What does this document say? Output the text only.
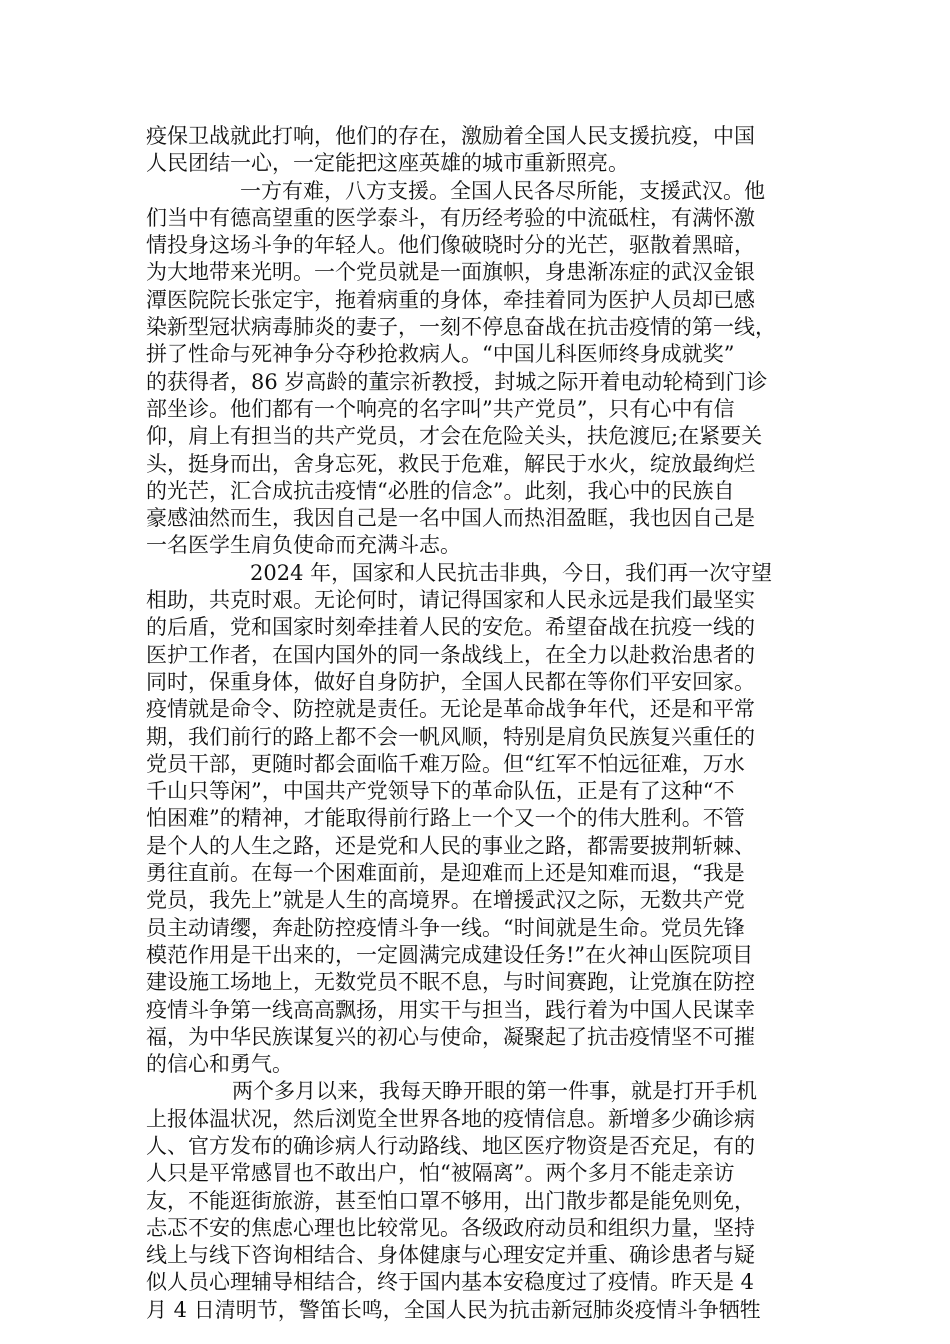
疫保卫战就此打响，他们的存在，激励着全国人民支援抗疫，中国
人民团结一心，一定能把这座英雄的城市重新照亮。
一方有难，八方支援。全国人民各尽所能，支援武汉。他
们当中有德高望重的医学泰斗，有历经考验的中流砥柱，有满怀激
情投身这场斗争的年轻人。他们像破晓时分的光芒，驱散着黑暗，
为大地带来光明。一个党员就是一面旗帜，身患渐冻症的武汉金银
潭医院院长张定宇，拖着病重的身体，牵挂着同为医护人员却已感
染新型冠状病毒肺炎的妻子，一刻不停息奋战在抗击疫情的第一线，
拼了性命与死神争分夺秒抢救病人。“中国儿科医师终身成就奖”
的获得者，86 岁高龄的董宗祈教授，封城之际开着电动轮椅到门诊
部坐诊。他们都有一个响亮的名字叫”共产党员”，只有心中有信
仰，肩上有担当的共产党员，才会在危险关头，扶危渡厄;在紧要关
头，挺身而出，舍身忘死，救民于危难，解民于水火，绽放最绚烂
的光芒，汇合成抗击疫情“必胜的信念”。此刻，我心中的民族自
豪感油然而生，我因自己是一名中国人而热泪盈眶，我也因自己是
一名医学生肩负使命而充满斗志。
2024 年，国家和人民抗击非典，今日，我们再一次守望
相助，共克时艰。无论何时，请记得国家和人民永远是我们最坚实
的后盾，党和国家时刻牵挂着人民的安危。希望奋战在抗疫一线的
医护工作者，在国内国外的同一条战线上，在全力以赴救治患者的
同时，保重身体，做好自身防护，全国人民都在等你们平安回家。
疫情就是命令、防控就是责任。无论是革命战争年代，还是和平常
期，我们前行的路上都不会一帆风顺，特别是肩负民族复兴重任的
党员干部，更随时都会面临千难万险。但“红军不怕远征难，万水
千山只等闲”，中国共产党领导下的革命队伍，正是有了这种“不
怕困难”的精神，才能取得前行路上一个又一个的伟大胜利。不管
是个人的人生之路，还是党和人民的事业之路，都需要披荆斩棘、
勇往直前。在每一个困难面前，是迎难而上还是知难而退，“我是
党员，我先上”就是人生的高境界。在增援武汉之际，无数共产党
员主动请缨，奔赴防控疫情斗争一线。“时间就是生命。党员先锋
模范作用是干出来的，一定圆满完成建设任务!”在火神山医院项目
建设施工场地上，无数党员不眠不息，与时间赛跑，让党旗在防控
疫情斗争第一线高高飘扬，用实干与担当，践行着为中国人民谋幸
福，为中华民族谋复兴的初心与使命，凝聚起了抗击疫情坚不可摧
的信心和勇气。
两个多月以来，我每天睁开眼的第一件事，就是打开手机
上报体温状况，然后浏览全世界各地的疫情信息。新增多少确诊病
人、官方发布的确诊病人行动路线、地区医疗物资是否充足，有的
人只是平常感冒也不敢出户，怕“被隔离”。两个多月不能走亲访
友，不能逛街旅游，甚至怕口罩不够用，出门散步都是能免则免，
忐忑不安的焦虑心理也比较常见。各级政府动员和组织力量，坚持
线上与线下咨询相结合、身体健康与心理安定并重、确诊患者与疑
似人员心理辅导相结合，终于国内基本安稳度过了疫情。昨天是 4
月 4 日清明节，警笛长鸣，全国人民为抗击新冠肺炎疫情斗争牺牲
